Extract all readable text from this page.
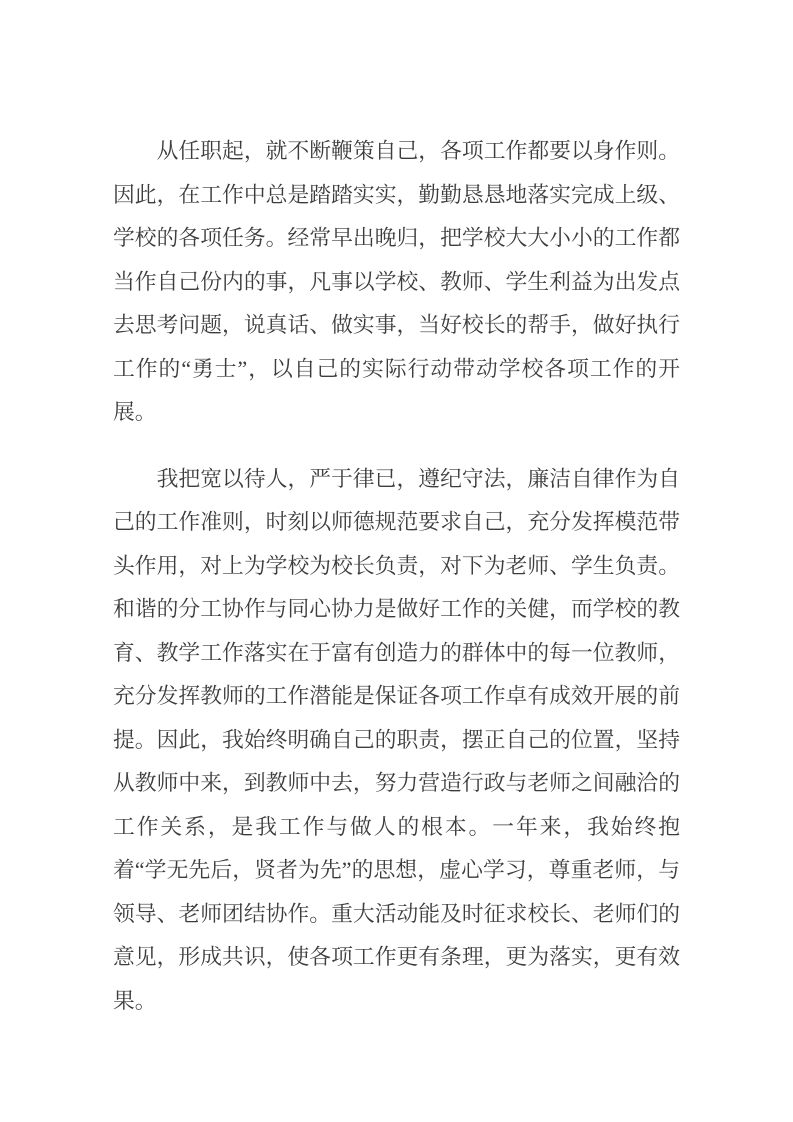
从任职起，就不断鞭策自己，各项工作都要以身作则。因此，在工作中总是踏踏实实，勤勤恳恳地落实完成上级、学校的各项任务。经常早出晚归，把学校大大小小的工作都当作自己份内的事，凡事以学校、教师、学生利益为出发点去思考问题，说真话、做实事，当好校长的帮手，做好执行工作的“勇士”，以自己的实际行动带动学校各项工作的开展。

我把宽以待人，严于律已，遵纪守法，廉洁自律作为自己的工作准则，时刻以师德规范要求自己，充分发挥模范带头作用，对上为学校为校长负责，对下为老师、学生负责。和谐的分工协作与同心协力是做好工作的关健，而学校的教育、教学工作落实在于富有创造力的群体中的每一位教师，充分发挥教师的工作潜能是保证各项工作卓有成效开展的前提。因此，我始终明确自己的职责，摆正自己的位置，坚持从教师中来，到教师中去，努力营造行政与老师之间融洽的工作关系，是我工作与做人的根本。一年来，我始终抱着“学无先后，贤者为先”的思想，虚心学习，尊重老师，与领导、老师团结协作。重大活动能及时征求校长、老师们的意见，形成共识，使各项工作更有条理，更为落实，更有效果。
